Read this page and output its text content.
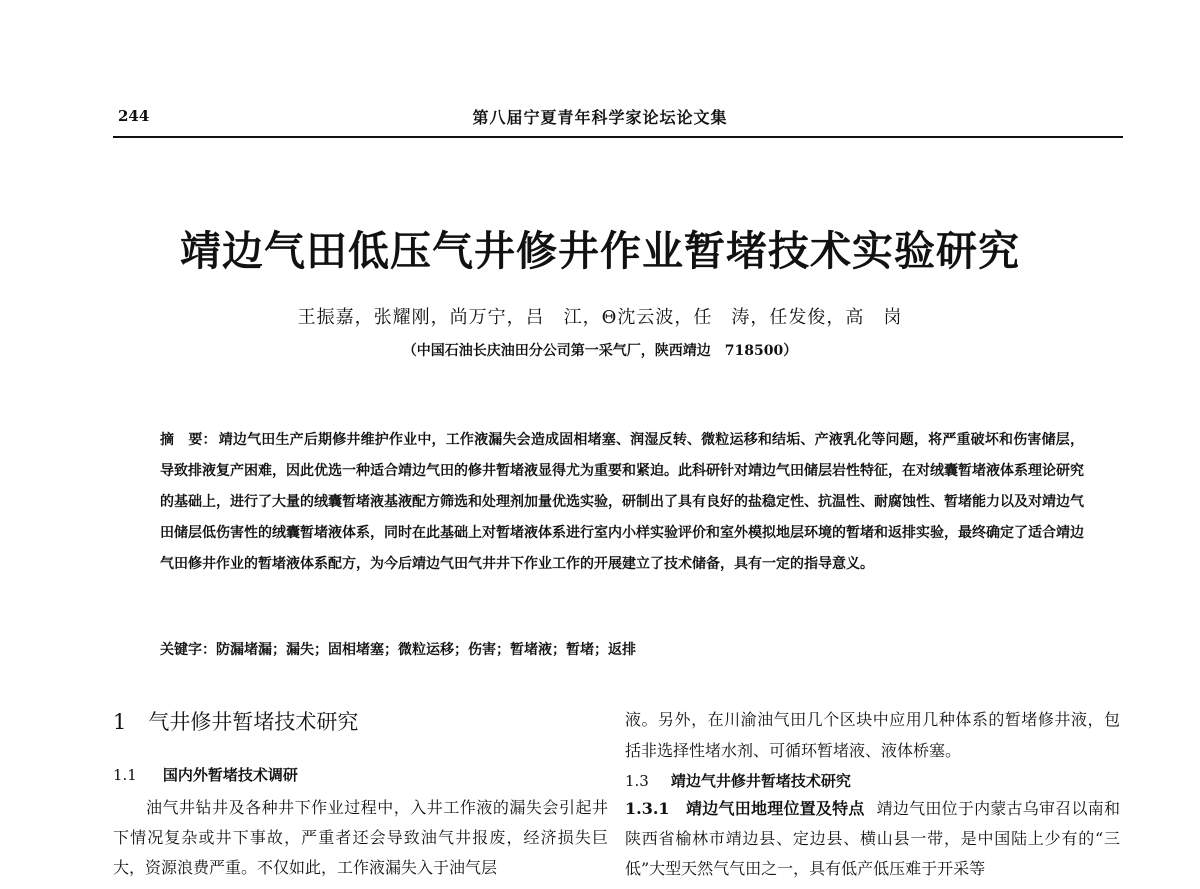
244	第八届宁夏青年科学家论坛论文集
靖边气田低压气井修井作业暂堵技术实验研究
王振嘉，张耀刚，尚万宁，吕　江，Θ沈云波，任　涛，任发俊，高　岗
（中国石油长庆油田分公司第一采气厂，陕西靖边　718500）
摘　要： 靖边气田生产后期修井维护作业中，工作液漏失会造成固相堵塞、润湿反转、微粒运移和结垢、产液乳化等问题，将严重破坏和伤害储层，导致排液复产困难，因此优选一种适合靖边气田的修井暂堵液显得尤为重要和紧迫。此科研针对靖边气田储层岩性特征，在对绒囊暂堵液体系理论研究的基础上，进行了大量的绒囊暂堵液基液配方筛选和处理剂加量优选实验，研制出了具有良好的盐稳定性、抗温性、耐腐蚀性、暂堵能力以及对靖边气田储层低伤害性的绒囊暂堵液体系，同时在此基础上对暂堵液体系进行室内小样实验评价和室外模拟地层环境的暂堵和返排实验，最终确定了适合靖边气田修井作业的暂堵液体系配方，为今后靖边气田气井井下作业工作的开展建立了技术储备，具有一定的指导意义。
关键字：防漏堵漏；漏失；固相堵塞；微粒运移；伤害；暂堵液；暂堵；返排
1 气井修井暂堵技术研究
1.1 国内外暂堵技术调研
油气井钻井及各种井下作业过程中，入井工作液的漏失会引起井下情况复杂或井下事故，严重者还会导致油气井报废，经济损失巨大，资源浪费严重。不仅如此，工作液漏失入于油气层
液。另外，在川渝油气田几个区块中应用几种体系的暂堵修井液，包括非选择性堵水剂、可循环暂堵液、液体桥塞。
1.3 靖边气井修井暂堵技术研究
1.3.1　靖边气田地理位置及特点 靖边气田位于内蒙古乌审召以南和陕西省榆林市靖边县、定边县、横山县一带，是中国陆上少有的“三低”大型天然气气田之一，具有低产低压难于开采等
